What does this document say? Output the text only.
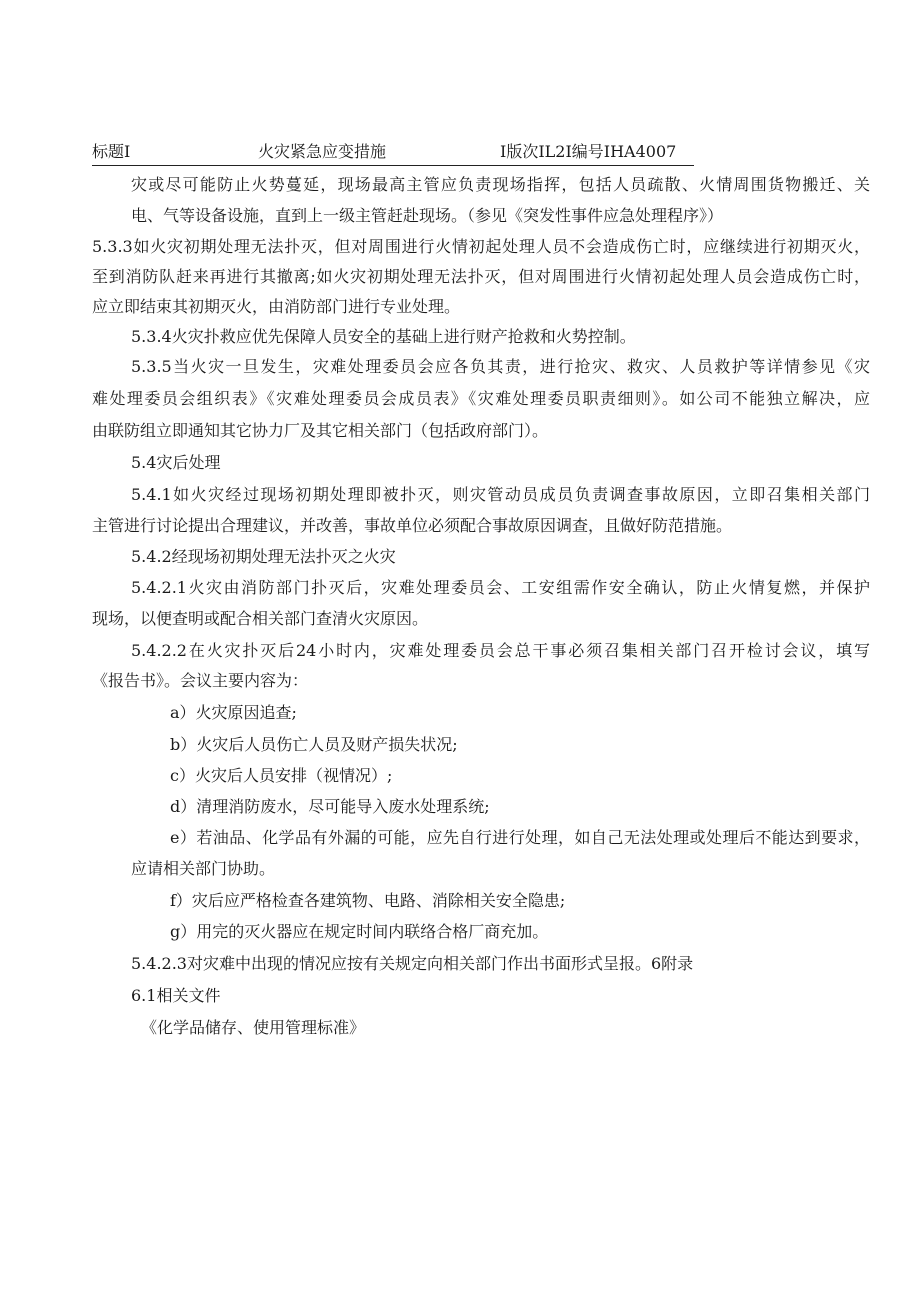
标题Ⅰ	火灾紧急应变措施	Ⅰ版次ⅠL2Ⅰ编号ⅠHA4007
灾或尽可能防止火势蔓延，现场最高主管应负责现场指挥，包括人员疏散、火情周围货物搬迁、关
电、气等设备设施，直到上一级主管赶赴现场。（参见《突发性事件应急处理程序》）
5.3.3如火灾初期处理无法扑灭，但对周围进行火情初起处理人员不会造成伤亡时，应继续进行初期灭火，
至到消防队赶来再进行其撤离;如火灾初期处理无法扑灭，但对周围进行火情初起处理人员会造成伤亡时，
应立即结束其初期灭火，由消防部门进行专业处理。
5.3.4火灾扑救应优先保障人员安全的基础上进行财产抢救和火势控制。
5.3.5当火灾一旦发生，灾难处理委员会应各负其责，进行抢灾、救灾、人员救护等详情参见《灾
难处理委员会组织表》《灾难处理委员会成员表》《灾难处理委员职责细则》。如公司不能独立解决，应
由联防组立即通知其它协力厂及其它相关部门（包括政府部门）。
5.4灾后处理
5.4.1如火灾经过现场初期处理即被扑灭，则灾管动员成员负责调查事故原因，立即召集相关部门
主管进行讨论提出合理建议，并改善，事故单位必须配合事故原因调查，且做好防范措施。
5.4.2经现场初期处理无法扑灭之火灾
5.4.2.1火灾由消防部门扑灭后，灾难处理委员会、工安组需作安全确认，防止火情复燃，并保护
现场，以便查明或配合相关部门查清火灾原因。
5.4.2.2在火灾扑灭后24小时内，灾难处理委员会总干事必须召集相关部门召开检讨会议，填写
《报告书》。会议主要内容为：
a）火灾原因追查;
b）火灾后人员伤亡人员及财产损失状况;
c）火灾后人员安排（视情况）;
d）清理消防废水，尽可能导入废水处理系统;
e）若油品、化学品有外漏的可能，应先自行进行处理，如自己无法处理或处理后不能达到要求，
应请相关部门协助。
f）灾后应严格检查各建筑物、电路、消除相关安全隐患;
g）用完的灭火器应在规定时间内联络合格厂商充加。
5.4.2.3对灾难中出现的情况应按有关规定向相关部门作出书面形式呈报。6附录
6.1相关文件
《化学品储存、使用管理标准》
